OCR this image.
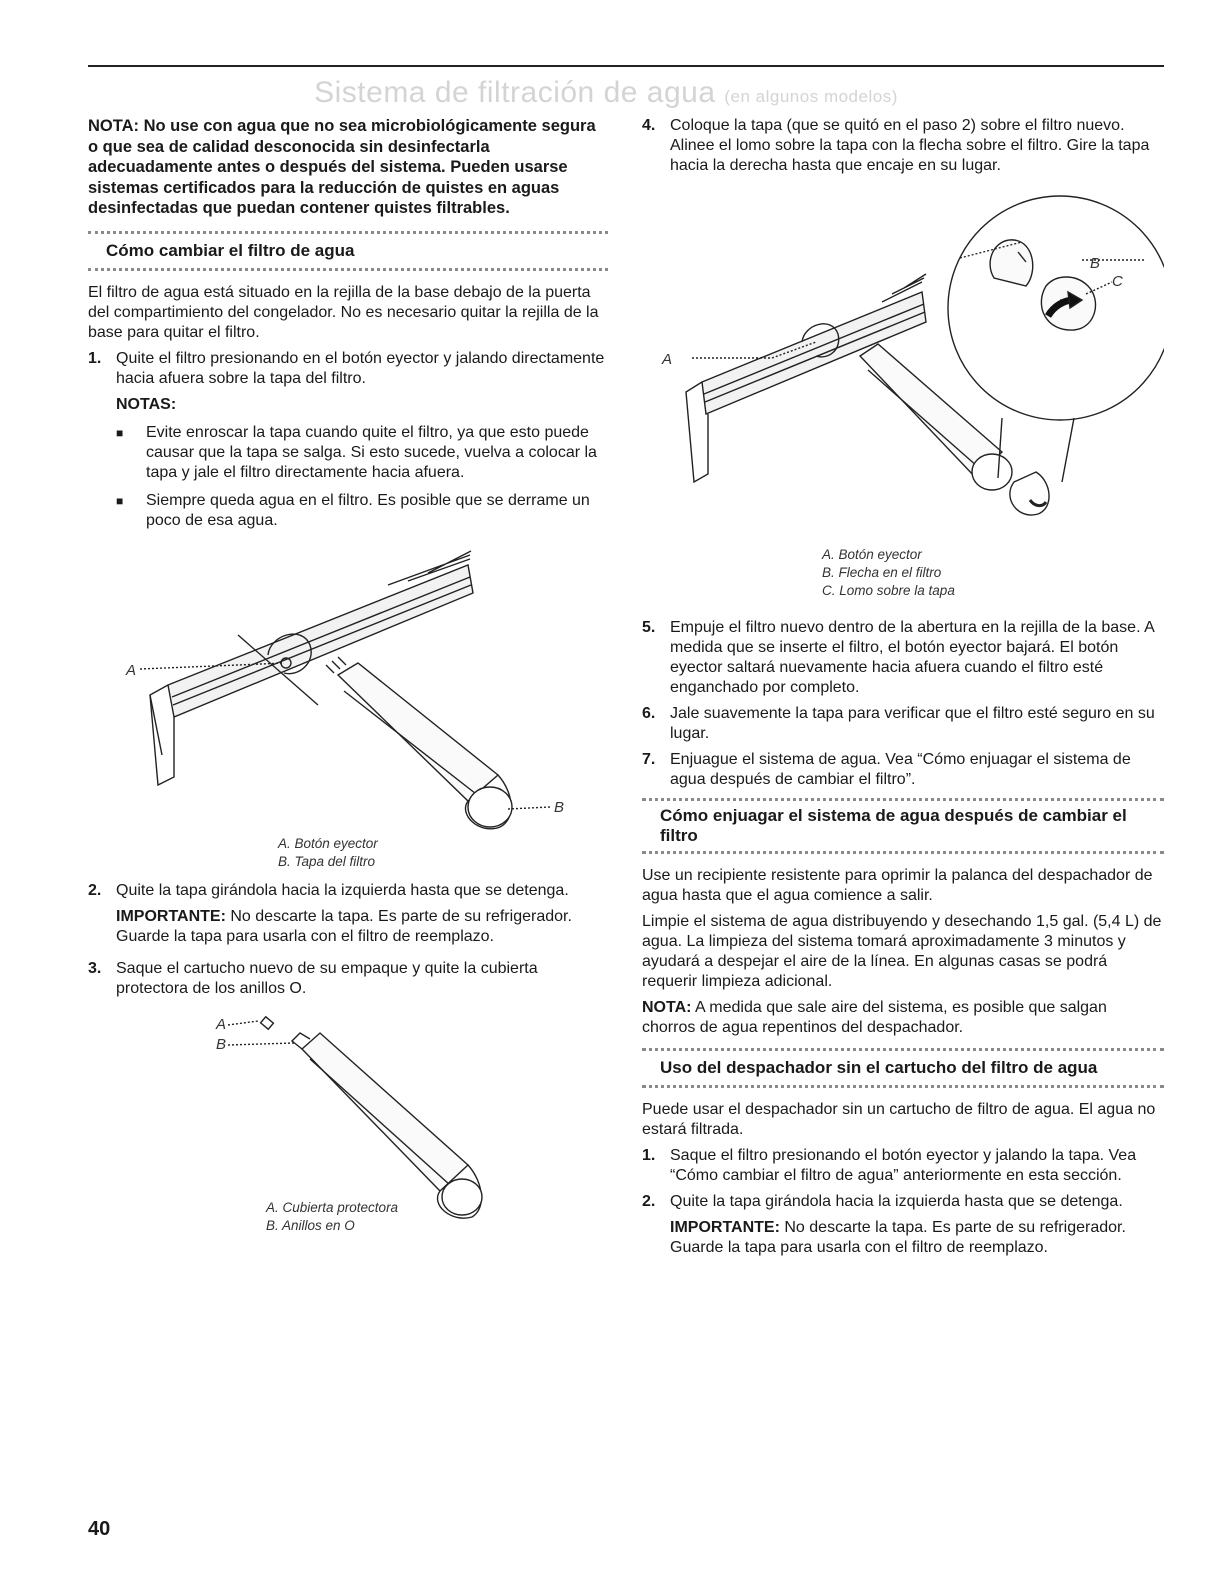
Sistema de filtración de agua (en algunos modelos)

NOTA: No use con agua que no sea microbiológicamente segura o que sea de calidad desconocida sin desinfectarla adecuadamente antes o después del sistema. Pueden usarse sistemas certificados para la reducción de quistes en aguas desinfectadas que puedan contener quistes filtrables.

Cómo cambiar el filtro de agua

El filtro de agua está situado en la rejilla de la base debajo de la puerta del compartimiento del congelador. No es necesario quitar la rejilla de la base para quitar el filtro.

1. Quite el filtro presionando en el botón eyector y jalando directamente hacia afuera sobre la tapa del filtro.

NOTAS:

■	Evite enroscar la tapa cuando quite el filtro, ya que esto puede causar que la tapa se salga. Si esto sucede, vuelva a colocar la tapa y jale el filtro directamente hacia afuera.
■	Siempre queda agua en el filtro. Es posible que se derrame un poco de esa agua.
A
B
A. Botón eyector
B. Tapa del filtro
2. Quite la tapa girándola hacia la izquierda hasta que se detenga.

IMPORTANTE: No descarte la tapa. Es parte de su refrigerador. Guarde la tapa para usarla con el filtro de reemplazo.

3. Saque el cartucho nuevo de su empaque y quite la cubierta protectora de los anillos O.

A
B
A. Cubierta protectora
B. Anillos en O
4. Coloque la tapa (que se quitó en el paso 2) sobre el filtro nuevo. Alinee el lomo sobre la tapa con la flecha sobre el filtro. Gire la tapa hacia la derecha hasta que encaje en su lugar.

A
B
C
A. Botón eyector
B. Flecha en el filtro
C. Lomo sobre la tapa
5. Empuje el filtro nuevo dentro de la abertura en la rejilla de la base. A medida que se inserte el filtro, el botón eyector bajará. El botón eyector saltará nuevamente hacia afuera cuando el filtro esté enganchado por completo.

6. Jale suavemente la tapa para verificar que el filtro esté seguro en su lugar.

7. Enjuague el sistema de agua. Vea “Cómo enjuagar el sistema de agua después de cambiar el filtro”.

Cómo enjuagar el sistema de agua después de cambiar el filtro

Use un recipiente resistente para oprimir la palanca del despachador de agua hasta que el agua comience a salir.

Limpie el sistema de agua distribuyendo y desechando 1,5 gal. (5,4 L) de agua. La limpieza del sistema tomará aproximadamente 3 minutos y ayudará a despejar el aire de la línea. En algunas casas se podrá requerir limpieza adicional.

NOTA: A medida que sale aire del sistema, es posible que salgan chorros de agua repentinos del despachador.

Uso del despachador sin el cartucho del filtro de agua

Puede usar el despachador sin un cartucho de filtro de agua. El agua no estará filtrada.

1. Saque el filtro presionando el botón eyector y jalando la tapa. Vea “Cómo cambiar el filtro de agua” anteriormente en esta sección.

2. Quite la tapa girándola hacia la izquierda hasta que se detenga.

IMPORTANTE: No descarte la tapa. Es parte de su refrigerador. Guarde la tapa para usarla con el filtro de reemplazo.

40
